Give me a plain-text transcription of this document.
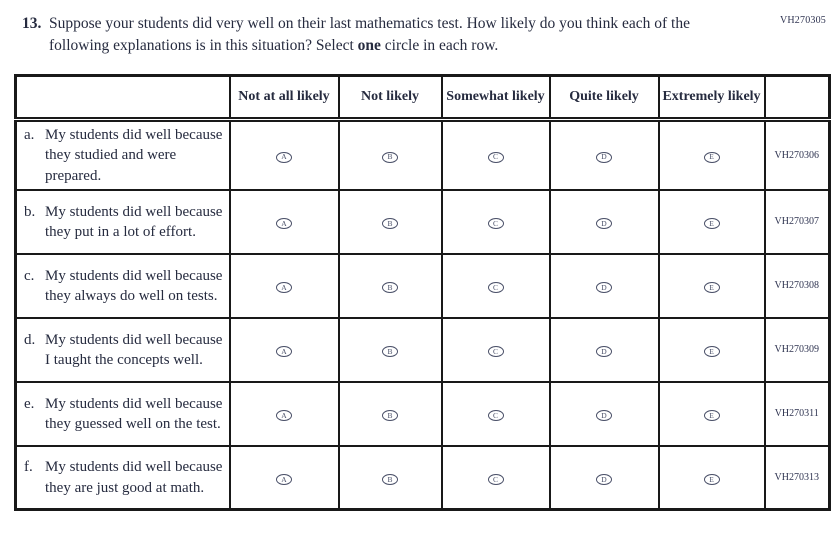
VH270305
13. Suppose your students did very well on their last mathematics test. How likely do you think each of the following explanations is in this situation? Select one circle in each row.
	Not at all likely	Not likely	Somewhat likely	Quite likely	Extremely likely	

a. My students did well because they studied and were prepared.	A	B	C	D	E	VH270306

b. My students did well because they put in a lot of effort.	A	B	C	D	E	VH270307

c. My students did well because they always do well on tests.	A	B	C	D	E	VH270308

d. My students did well because I taught the concepts well.	A	B	C	D	E	VH270309

e. My students did well because they guessed well on the test.	A	B	C	D	E	VH270311

f. My students did well because they are just good at math.	A	B	C	D	E	VH270313
